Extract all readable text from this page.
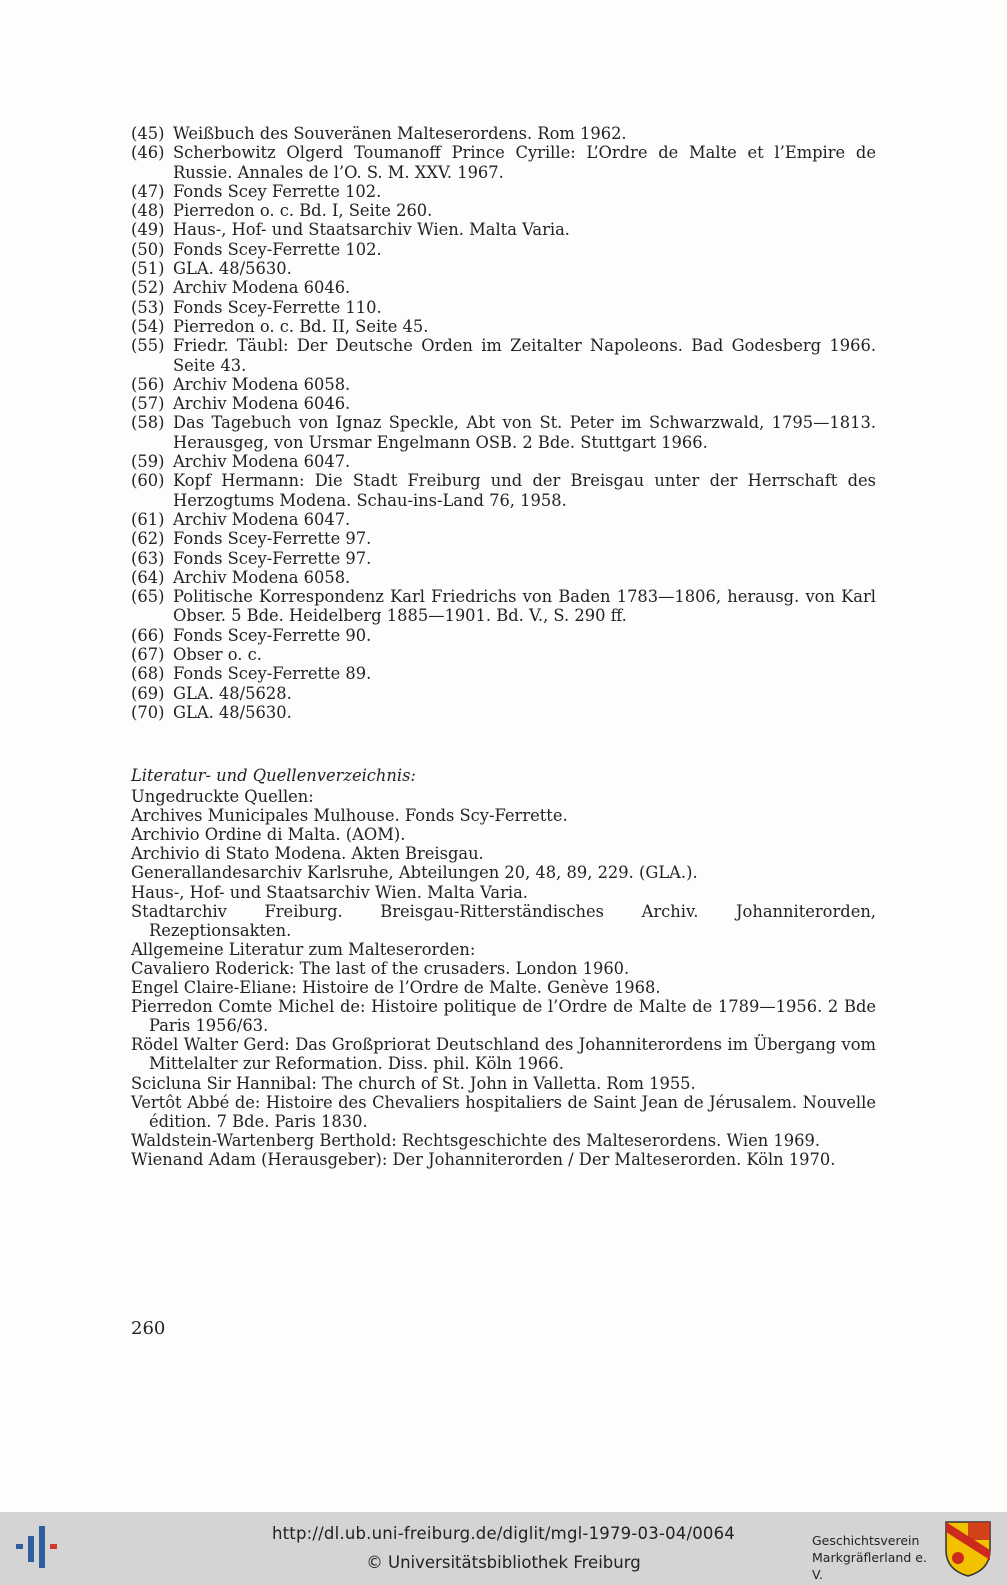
(45) Weißbuch des Souveränen Malteserordens. Rom 1962.
(46) Scherbowitz Olgerd Toumanoff Prince Cyrille: L’Ordre de Malte et l’Empire de Russie. Annales de l’O. S. M. XXV. 1967.
(47) Fonds Scey Ferrette 102.
(48) Pierredon o. c. Bd. I, Seite 260.
(49) Haus-, Hof- und Staatsarchiv Wien. Malta Varia.
(50) Fonds Scey-Ferrette 102.
(51) GLA. 48/5630.
(52) Archiv Modena 6046.
(53) Fonds Scey-Ferrette 110.
(54) Pierredon o. c. Bd. II, Seite 45.
(55) Friedr. Täubl: Der Deutsche Orden im Zeitalter Napoleons. Bad Godesberg 1966. Seite 43.
(56) Archiv Modena 6058.
(57) Archiv Modena 6046.
(58) Das Tagebuch von Ignaz Speckle, Abt von St. Peter im Schwarzwald, 1795—1813. Herausgeg, von Ursmar Engelmann OSB. 2 Bde. Stuttgart 1966.
(59) Archiv Modena 6047.
(60) Kopf Hermann: Die Stadt Freiburg und der Breisgau unter der Herrschaft des Herzogtums Modena. Schau-ins-Land 76, 1958.
(61) Archiv Modena 6047.
(62) Fonds Scey-Ferrette 97.
(63) Fonds Scey-Ferrette 97.
(64) Archiv Modena 6058.
(65) Politische Korrespondenz Karl Friedrichs von Baden 1783—1806, herausg. von Karl Obser. 5 Bde. Heidelberg 1885—1901. Bd. V., S. 290 ff.
(66) Fonds Scey-Ferrette 90.
(67) Obser o. c.
(68) Fonds Scey-Ferrette 89.
(69) GLA. 48/5628.
(70) GLA. 48/5630.
Literatur- und Quellenverzeichnis:
Ungedruckte Quellen:
Archives Municipales Mulhouse. Fonds Scy-Ferrette.
Archivio Ordine di Malta. (AOM).
Archivio di Stato Modena. Akten Breisgau.
Generallandesarchiv Karlsruhe, Abteilungen 20, 48, 89, 229. (GLA.).
Haus-, Hof- und Staatsarchiv Wien. Malta Varia.
Stadtarchiv Freiburg. Breisgau-Ritterständisches Archiv. Johanniterorden, Rezeptionsakten.
Allgemeine Literatur zum Malteserorden:
Cavaliero Roderick: The last of the crusaders. London 1960.
Engel Claire-Eliane: Histoire de l’Ordre de Malte. Genève 1968.
Pierredon Comte Michel de: Histoire politique de l’Ordre de Malte de 1789—1956. 2 Bde Paris 1956/63.
Rödel Walter Gerd: Das Großpriorat Deutschland des Johanniterordens im Übergang vom Mittelalter zur Reformation. Diss. phil. Köln 1966.
Scicluna Sir Hannibal: The church of St. John in Valletta. Rom 1955.
Vertôt Abbé de: Histoire des Chevaliers hospitaliers de Saint Jean de Jérusalem. Nouvelle édition. 7 Bde. Paris 1830.
Waldstein-Wartenberg Berthold: Rechtsgeschichte des Malteserordens. Wien 1969.
Wienand Adam (Herausgeber): Der Johanniterorden / Der Malteserorden. Köln 1970.
260
http://dl.ub.uni-freiburg.de/diglit/mgl-1979-03-04/0064
© Universitätsbibliothek Freiburg
Geschichtsverein
Markgräflerland e. V.
